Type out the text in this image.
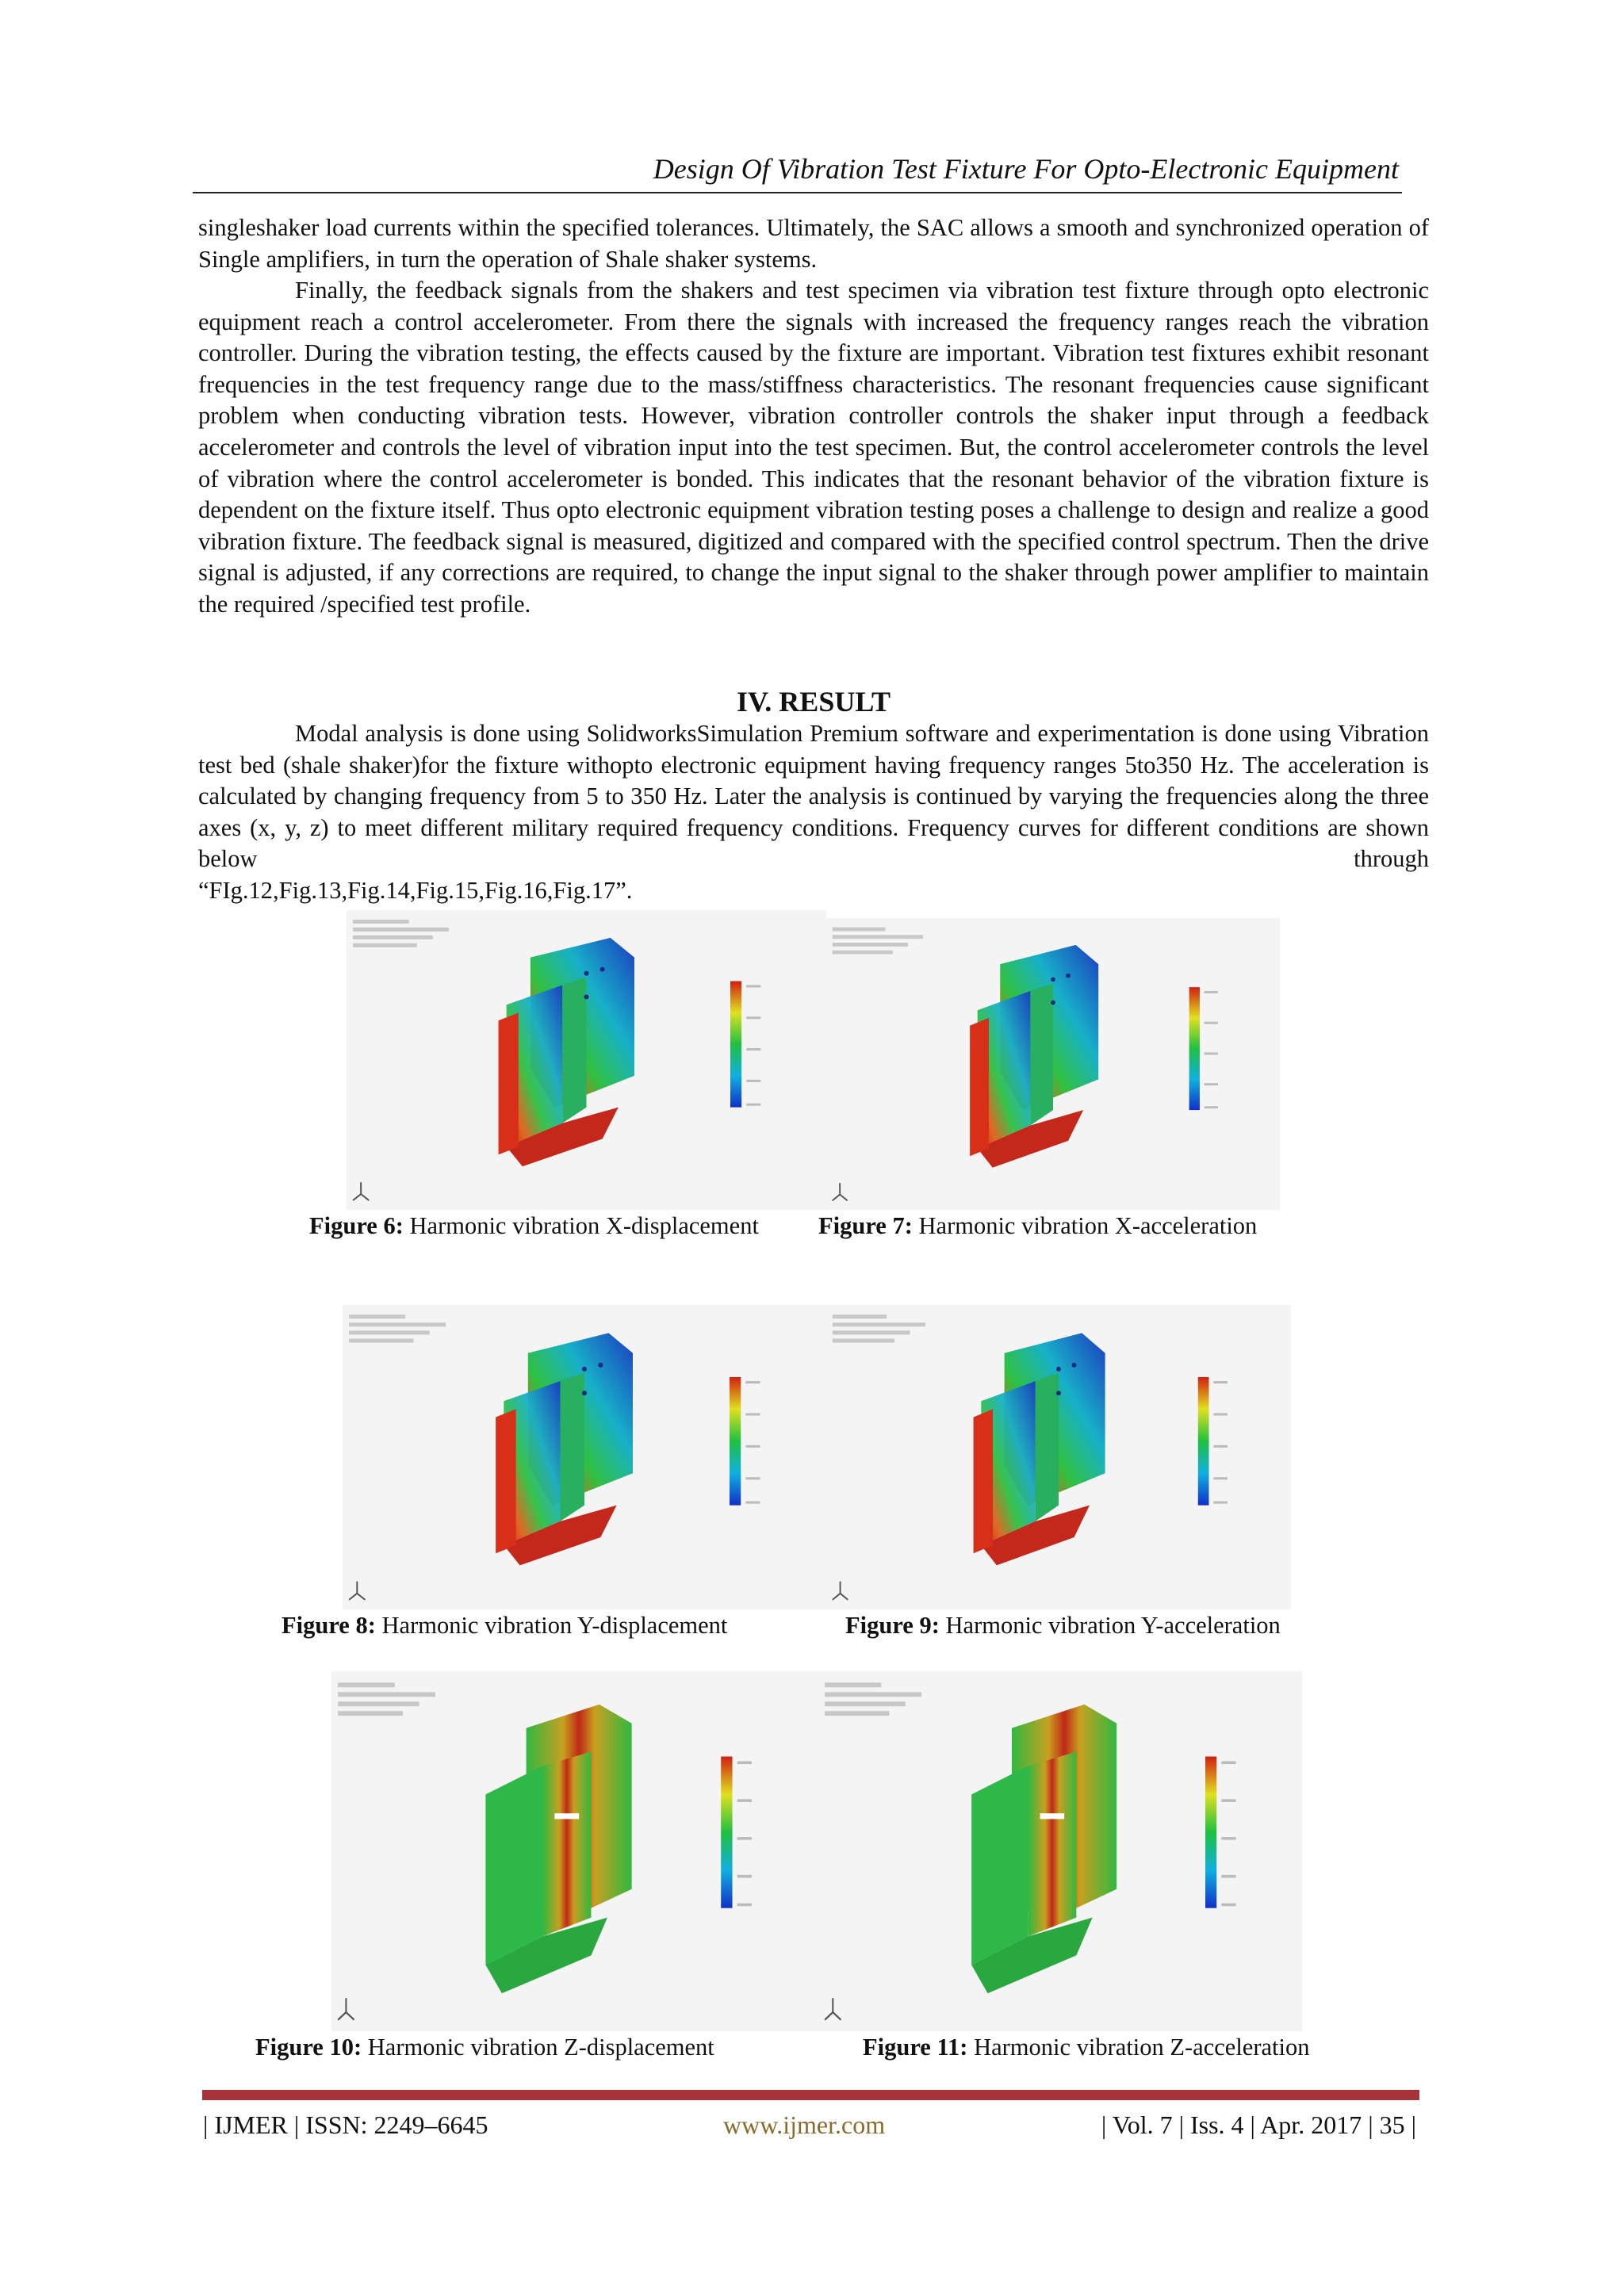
Design Of Vibration Test Fixture For Opto-Electronic Equipment

singleshaker load currents within the specified tolerances. Ultimately, the SAC allows a smooth and synchronized operation of Single amplifiers, in turn the operation of Shale shaker systems.

Finally, the feedback signals from the shakers and test specimen via vibration test fixture through opto electronic equipment reach a control accelerometer. From there the signals with increased the frequency ranges reach the vibration controller. During the vibration testing, the effects caused by the fixture are important. Vibration test fixtures exhibit resonant frequencies in the test frequency range due to the mass/stiffness characteristics. The resonant frequencies cause significant problem when conducting vibration tests. However, vibration controller controls the shaker input through a feedback accelerometer and controls the level of vibration input into the test specimen. But, the control accelerometer controls the level of vibration where the control accelerometer is bonded. This indicates that the resonant behavior of the vibration fixture is dependent on the fixture itself. Thus opto electronic equipment vibration testing poses a challenge to design and realize a good vibration fixture. The feedback signal is measured, digitized and compared with the specified control spectrum. Then the drive signal is adjusted, if any corrections are required, to change the input signal to the shaker through power amplifier to maintain the required /specified test profile.

IV. RESULT

Modal analysis is done using SolidworksSimulation Premium software and experimentation is done using Vibration test bed (shale shaker)for the fixture withopto electronic equipment having frequency ranges 5to350 Hz. The acceleration is calculated by changing frequency from 5 to 350 Hz. Later the analysis is continued by varying the frequencies along the three axes (x, y, z) to meet different military required frequency conditions. Frequency curves for different conditions are shown below through

“FIg.12,Fig.13,Fig.14,Fig.15,Fig.16,Fig.17”.

Figure 6: Harmonic vibration X-displacement Figure 7: Harmonic vibration X-acceleration
Figure 8: Harmonic vibration Y-displacement	Figure 9: Harmonic vibration Y-acceleration
Figure 10: Harmonic vibration Z-displacement	Figure 11: Harmonic vibration Z-acceleration
| IJMER | ISSN: 2249–6645	www.ijmer.com	| Vol. 7 | Iss. 4 | Apr. 2017 | 35 |
